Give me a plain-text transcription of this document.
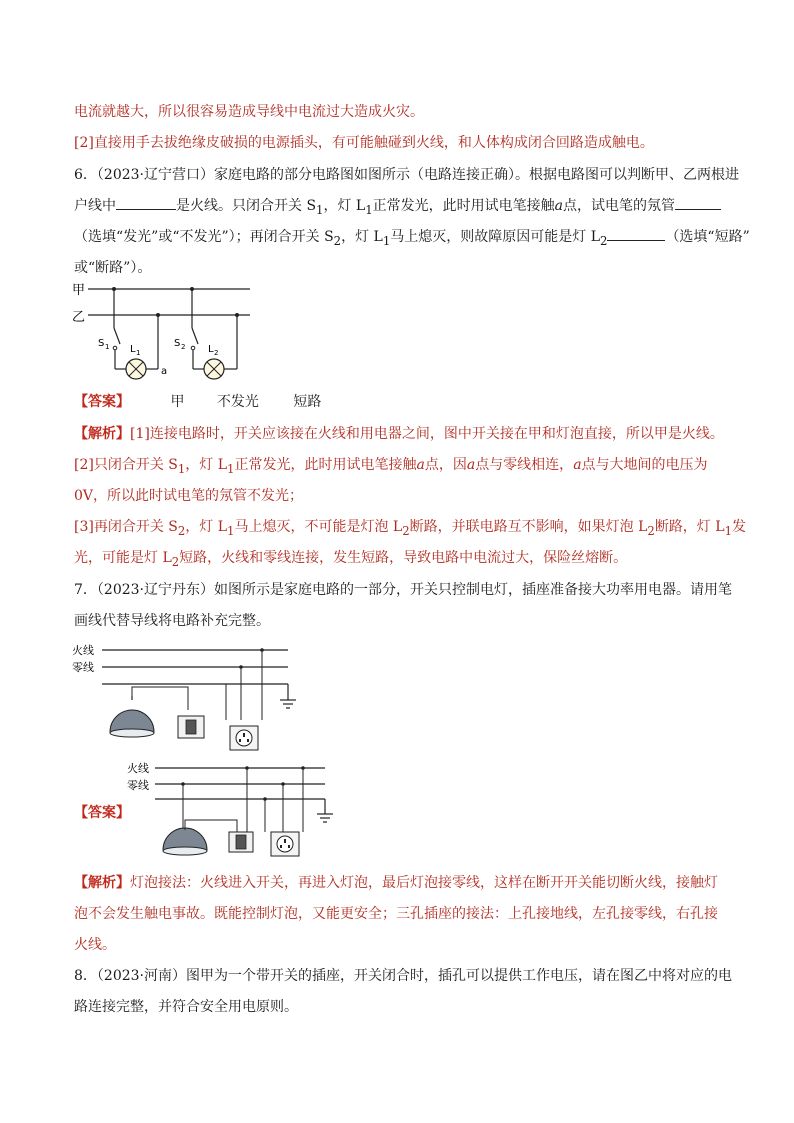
电流就越大，所以很容易造成导线中电流过大造成火灾。
[2]直接用手去拔绝缘皮破损的电源插头，有可能触碰到火线，和人体构成闭合回路造成触电。
6．（2023·辽宁营口）家庭电路的部分电路图如图所示（电路连接正确）。根据电路图可以判断甲、乙两根进
户线中	是火线。只闭合开关 $S_1$，灯 $L_1$正常发光，此时用试电笔接触a点，试电笔的氖管
（选填“发光”或“不发光”）；再闭合开关 $S_2$，灯 $L_1$马上熄灭，则故障原因可能是灯 $L_2$	（选填“短路”
或“断路”）。
甲
乙
S 1 L 1
a
S 2 L 2
【答案】	甲 不发光 短路
【解析】[1]连接电路时，开关应该接在火线和用电器之间，图中开关接在甲和灯泡直接，所以甲是火线。
[2]只闭合开关 $S_1$，灯 $L_1$正常发光，此时用试电笔接触a点，因a点与零线相连，a点与大地间的电压为
0V，所以此时试电笔的氖管不发光；
[3]再闭合开关 $S_2$，灯 $L_1$马上熄灭，不可能是灯泡 $L_2$断路，并联电路互不影响，如果灯泡 $L_2$断路，灯 $L_1$发
光，可能是灯 $L_2$短路，火线和零线连接，发生短路，导致电路中电流过大，保险丝熔断。
7．（2023·辽宁丹东）如图所示是家庭电路的一部分，开关只控制电灯，插座准备接大功率用电器。请用笔
画线代替导线将电路补充完整。
火线
零线
【答案】
火线
零线
【解析】灯泡接法：火线进入开关，再进入灯泡，最后灯泡接零线，这样在断开开关能切断火线，接触灯
泡不会发生触电事故。既能控制灯泡，又能更安全；三孔插座的接法：上孔接地线，左孔接零线，右孔接
火线。
8．（2023·河南）图甲为一个带开关的插座，开关闭合时，插孔可以提供工作电压，请在图乙中将对应的电
路连接完整，并符合安全用电原则。
